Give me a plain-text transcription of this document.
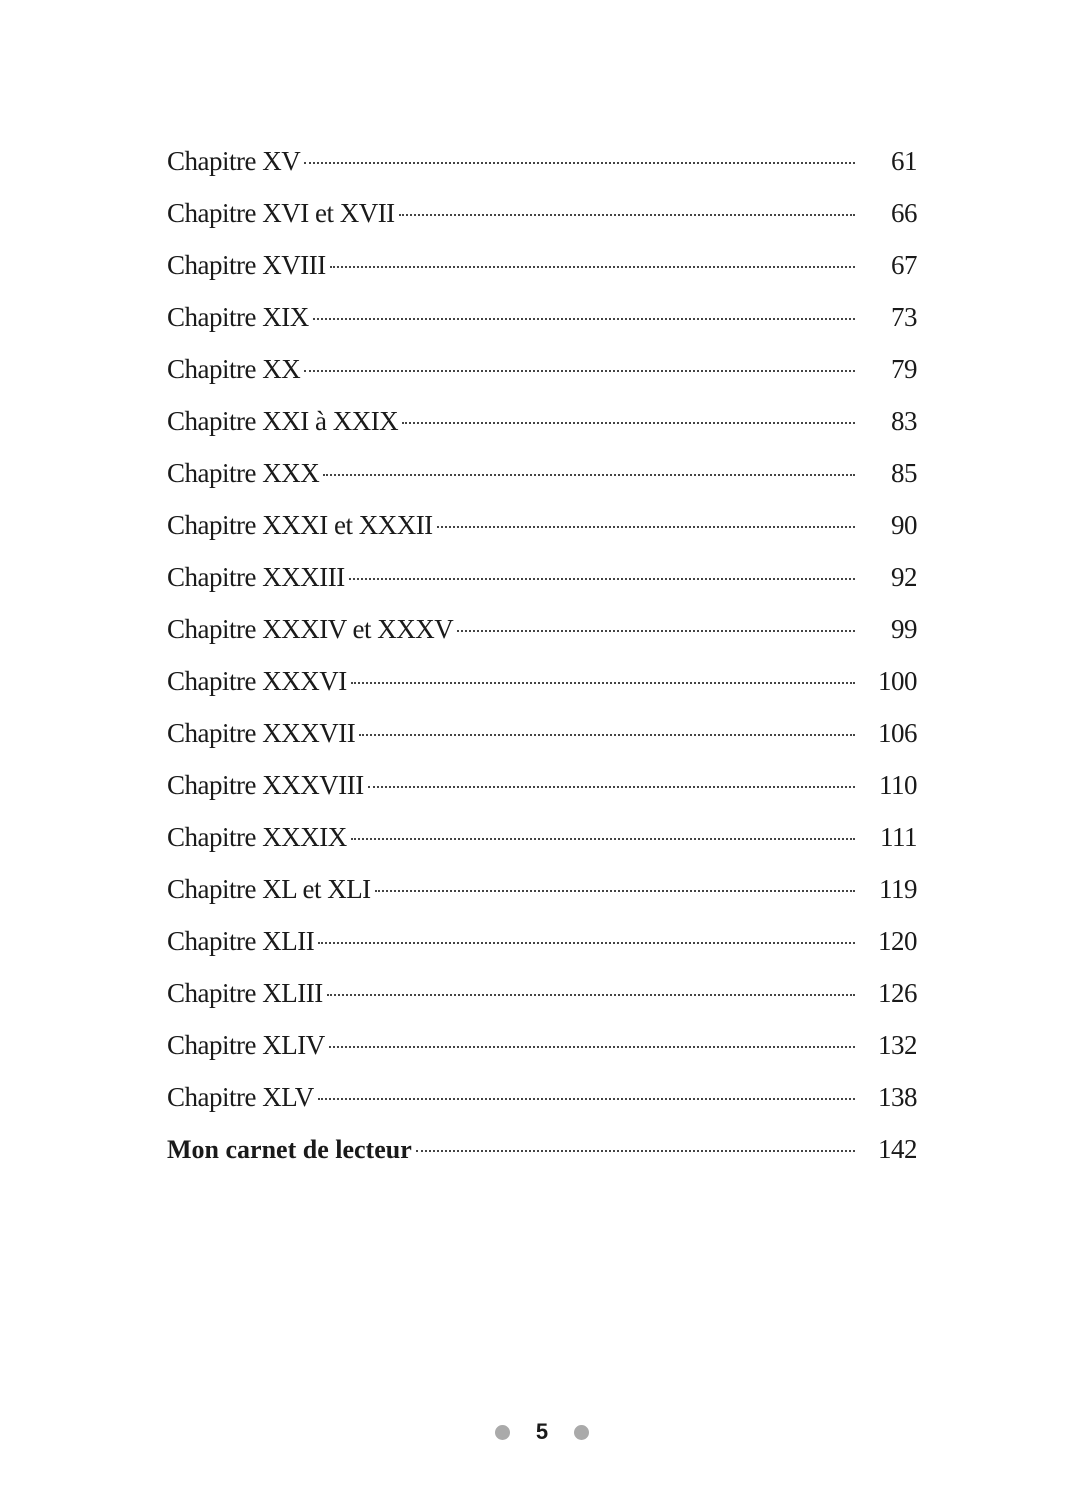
Chapitre XV	61
Chapitre XVI et XVII	66
Chapitre XVIII	67
Chapitre XIX	73
Chapitre XX	79
Chapitre XXI à XXIX	83
Chapitre XXX	85
Chapitre XXXI et XXXII	90
Chapitre XXXIII	92
Chapitre XXXIV et XXXV	99
Chapitre XXXVI	100
Chapitre XXXVII	106
Chapitre XXXVIII	110
Chapitre XXXIX	111
Chapitre XL et XLI	119
Chapitre XLII	120
Chapitre XLIII	126
Chapitre XLIV	132
Chapitre XLV	138
Mon carnet de lecteur	142
5
